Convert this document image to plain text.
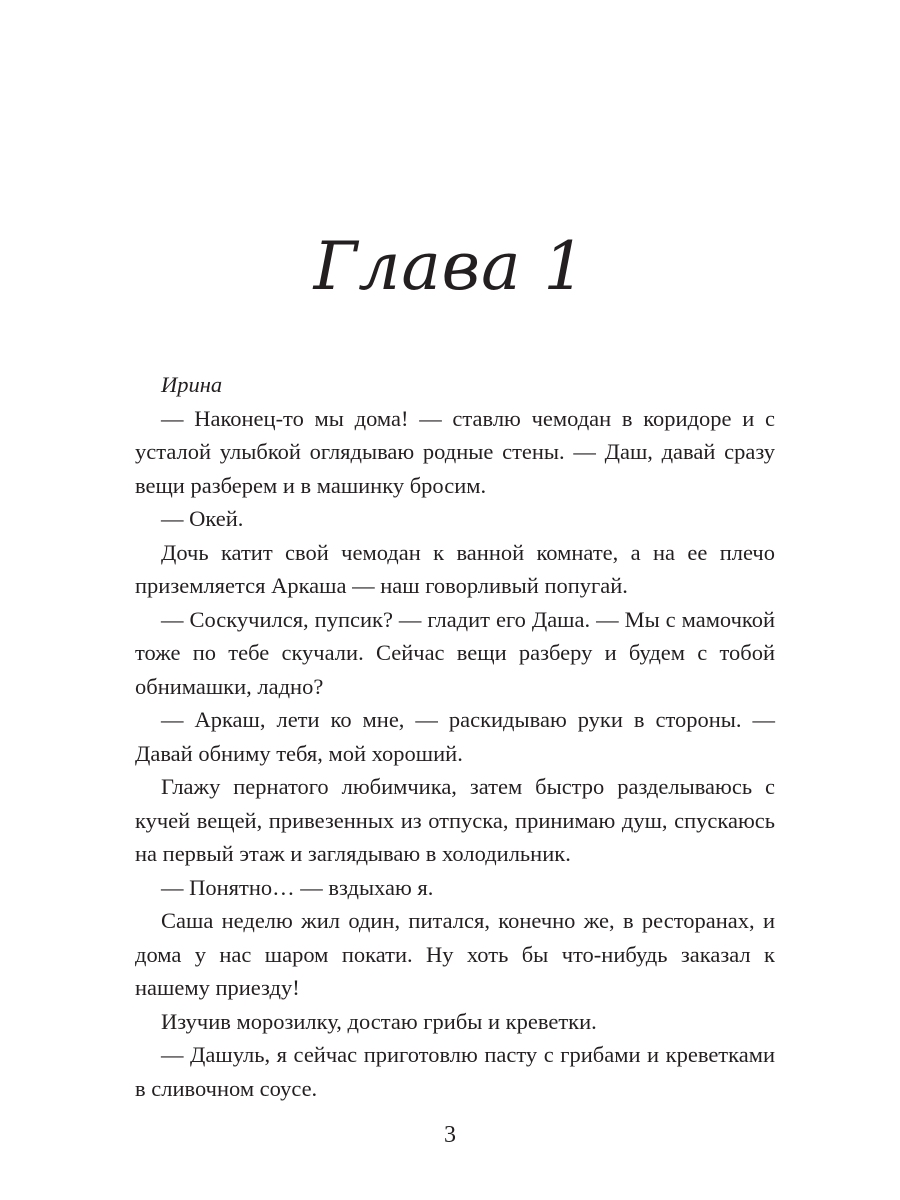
Глава 1

Ирина

— Наконец-то мы дома! — ставлю чемодан в коридоре и с усталой улыбкой оглядываю родные стены. — Даш, давай сразу вещи разберем и в машинку бросим.

— Окей.

Дочь катит свой чемодан к ванной комнате, а на ее плечо приземляется Аркаша — наш говорливый попугай.

— Соскучился, пупсик? — гладит его Даша. — Мы с мамочкой тоже по тебе скучали. Сейчас вещи разберу и будем с тобой обнимашки, ладно?

— Аркаш, лети ко мне, — раскидываю руки в стороны. — Давай обниму тебя, мой хороший.

Глажу пернатого любимчика, затем быстро разделываюсь с кучей вещей, привезенных из отпуска, принимаю душ, спускаюсь на первый этаж и заглядываю в холодильник.

— Понятно… — вздыхаю я.

Саша неделю жил один, питался, конечно же, в ресторанах, и дома у нас шаром покати. Ну хоть бы что-нибудь заказал к нашему приезду!

Изучив морозилку, достаю грибы и креветки.

— Дашуль, я сейчас приготовлю пасту с грибами и креветками в сливочном соусе.

3
